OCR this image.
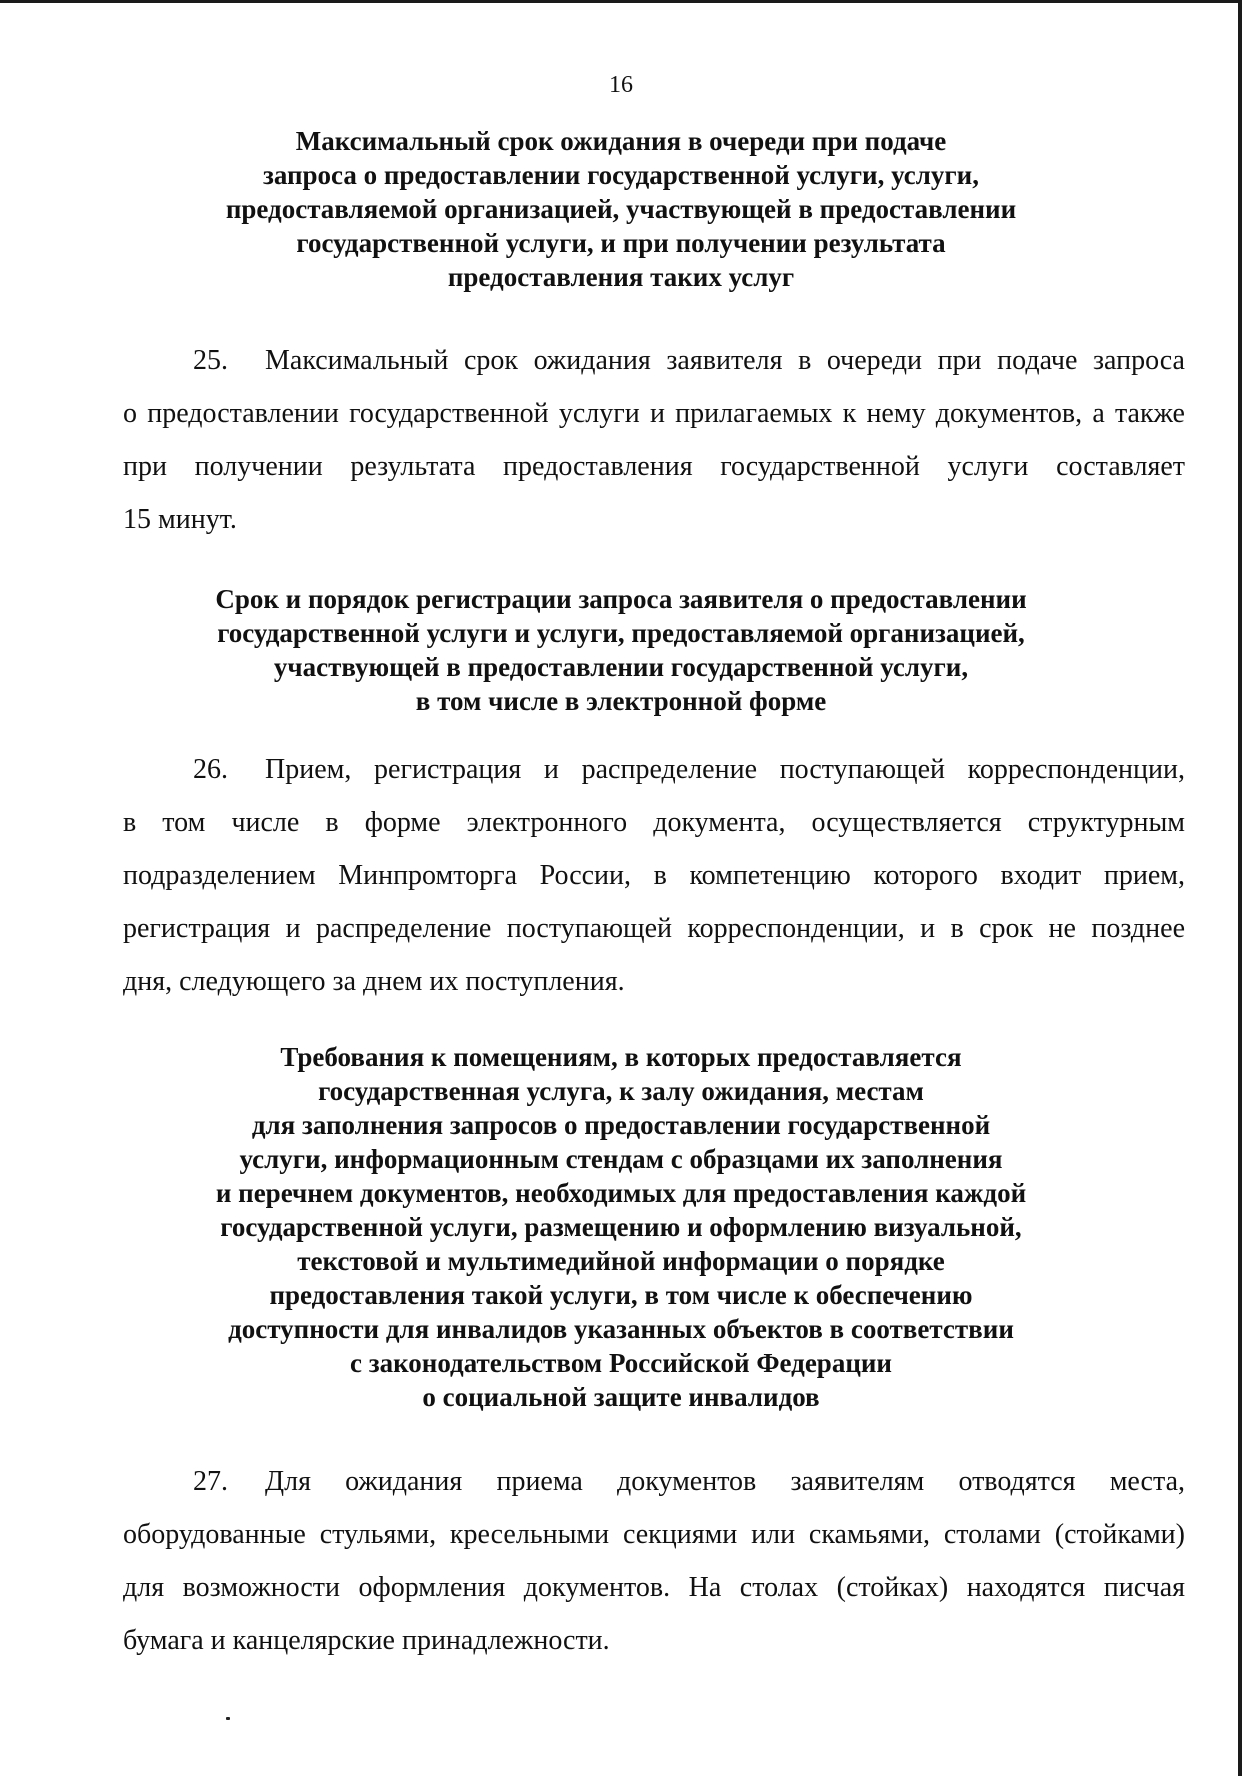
16
Максимальный срок ожидания в очереди при подаче
запроса о предоставлении государственной услуги, услуги,
предоставляемой организацией, участвующей в предоставлении
государственной услуги, и при получении результата
предоставления таких услуг
25. Максимальный срок ожидания заявителя в очереди при подаче запроса
о предоставлении государственной услуги и прилагаемых к нему документов, а также
при получении результата предоставления государственной услуги составляет
15 минут.
Срок и порядок регистрации запроса заявителя о предоставлении
государственной услуги и услуги, предоставляемой организацией,
участвующей в предоставлении государственной услуги,
в том числе в электронной форме
26. Прием, регистрация и распределение поступающей корреспонденции,
в том числе в форме электронного документа, осуществляется структурным
подразделением Минпромторга России, в компетенцию которого входит прием,
регистрация и распределение поступающей корреспонденции, и в срок не позднее
дня, следующего за днем их поступления.
Требования к помещениям, в которых предоставляется
государственная услуга, к залу ожидания, местам
для заполнения запросов о предоставлении государственной
услуги, информационным стендам с образцами их заполнения
и перечнем документов, необходимых для предоставления каждой
государственной услуги, размещению и оформлению визуальной,
текстовой и мультимедийной информации о порядке
предоставления такой услуги, в том числе к обеспечению
доступности для инвалидов указанных объектов в соответствии
с законодательством Российской Федерации
о социальной защите инвалидов
27. Для ожидания приема документов заявителям отводятся места,
оборудованные стульями, кресельными секциями или скамьями, столами (стойками)
для возможности оформления документов. На столах (стойках) находятся писчая
бумага и канцелярские принадлежности.
